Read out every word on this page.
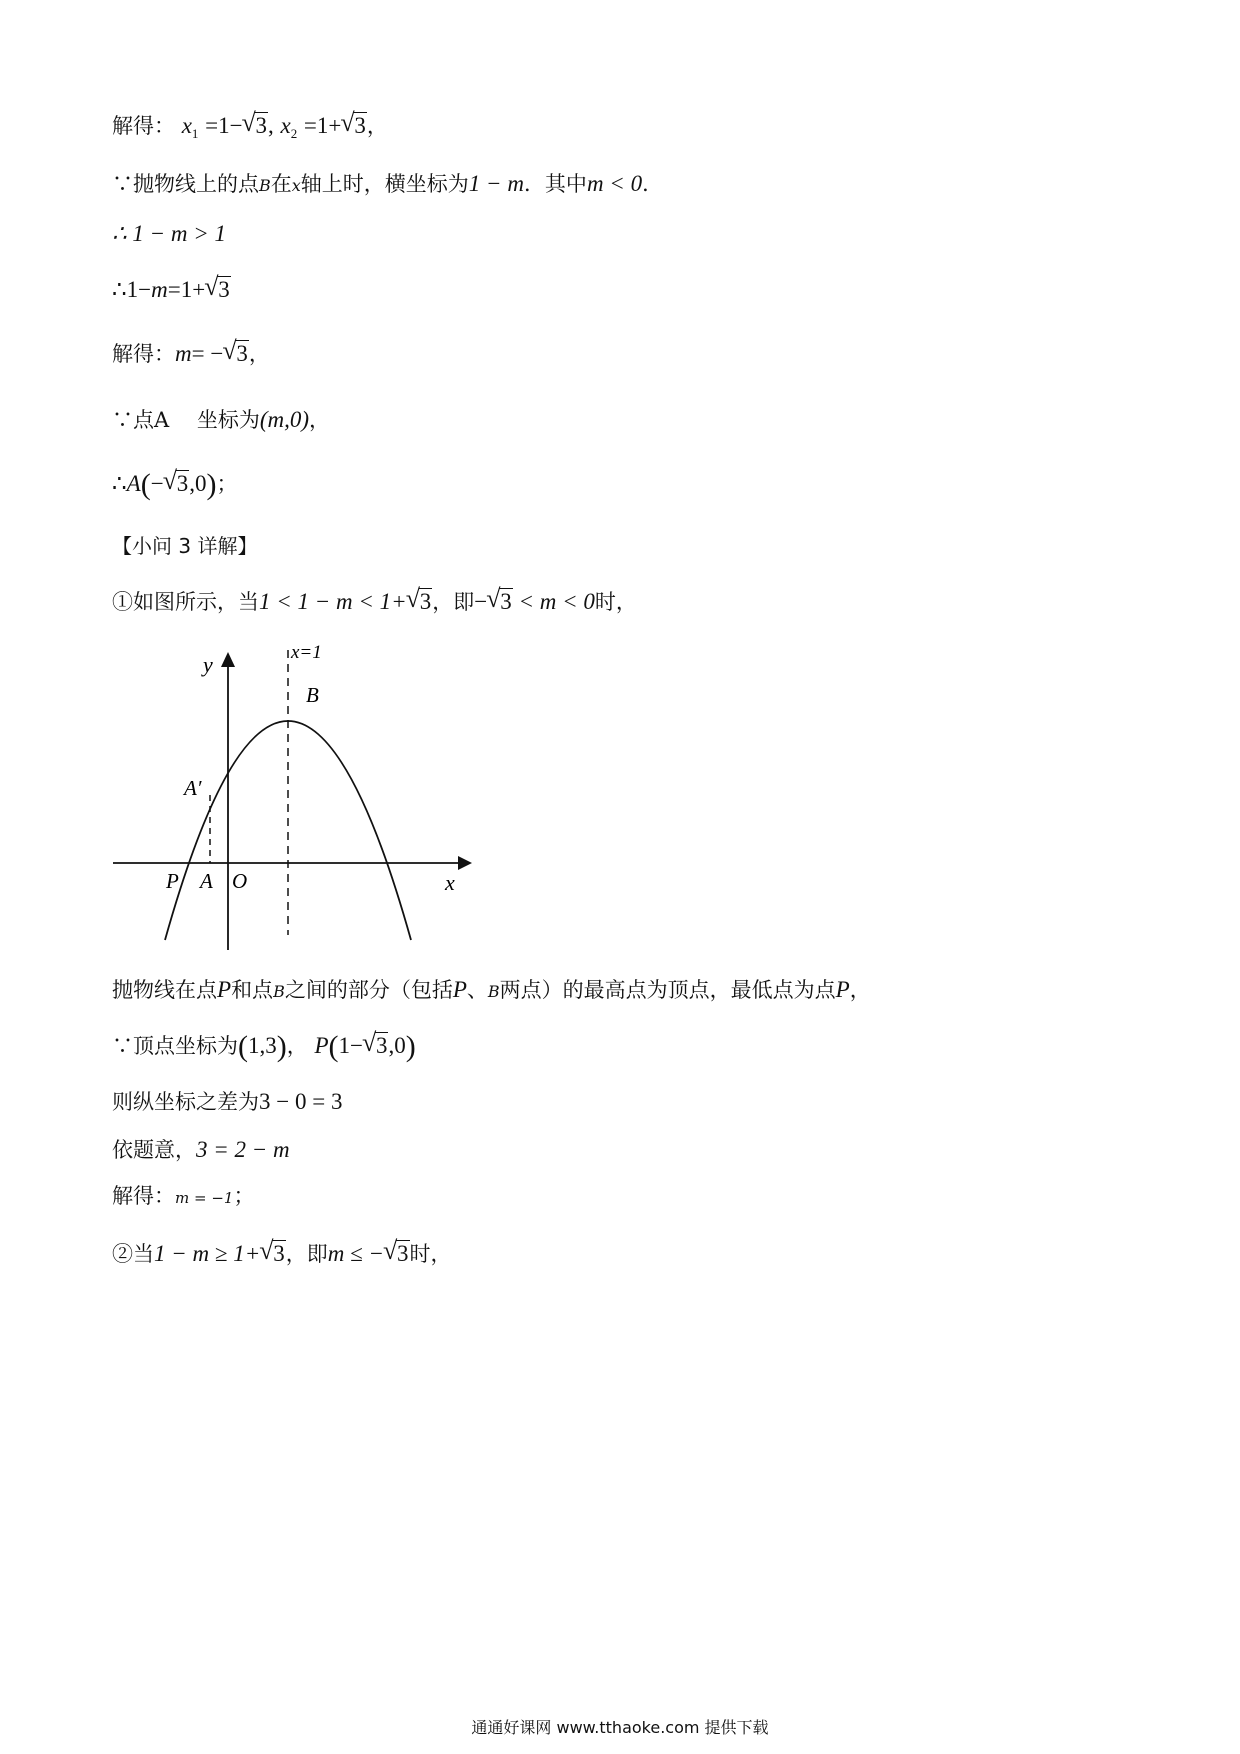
解得： $x_1 =1-√$ 3, $x_2 =1+√$ 3，
∵抛物线上的点B在x轴上时，横坐标为1 − m．其中m < 0．
∴ 1 − m > 1
∴1−m=1+√ 3
解得：m= −√ 3，
∵点A　 坐标为(m,0)，
∴A(−√ 3,0)；
【小问 3 详解】
①如图所示，当1 < 1 − m < 1+√ 3，即−√ 3 < m < 0时，
y
x
x=1
B
A′
P A O
抛物线在点P和点B之间的部分（包括P、B两点）的最高点为顶点，最低点为点P，
∵顶点坐标为(1,3)， P(1−√ 3,0)
则纵坐标之差为3 − 0 = 3
依题意，3 = 2 − m
解得：m = −1；
②当1 − m ≥ 1+√ 3，即m ≤ −√ 3时，
通通好课网 www.tthaoke.com 提供下载
